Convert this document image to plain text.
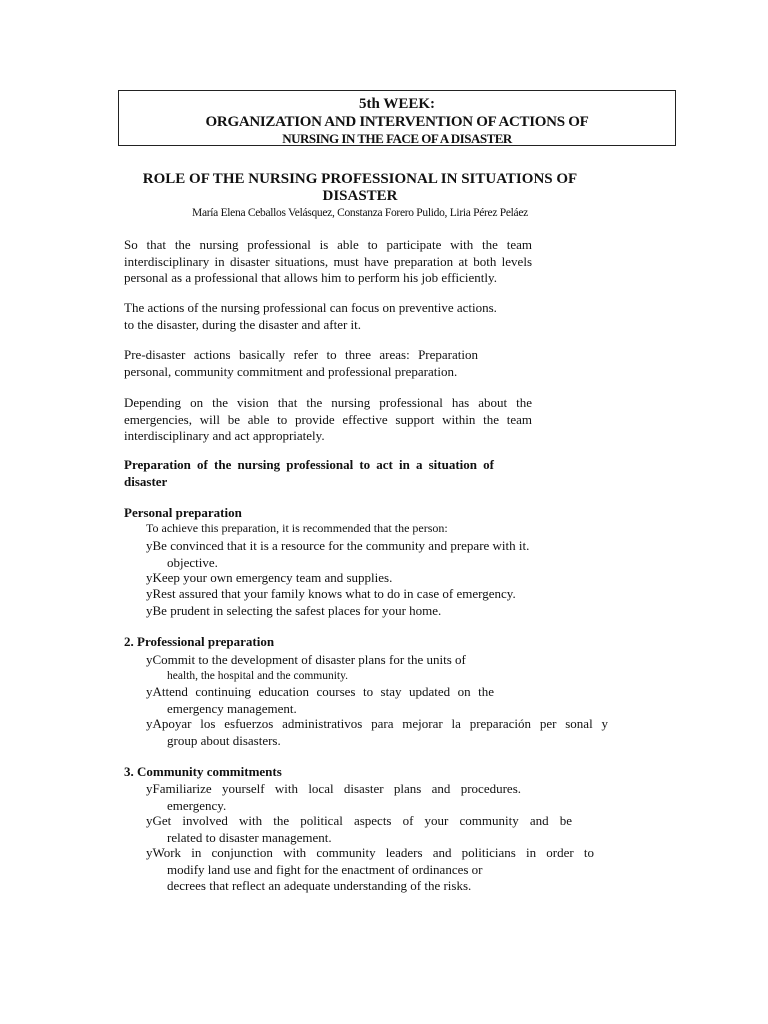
5th WEEK:
ORGANIZATION AND INTERVENTION OF ACTIONS OF
NURSING IN THE FACE OF A DISASTER
ROLE OF THE NURSING PROFESSIONAL IN SITUATIONS OF
DISASTER
María Elena Ceballos Velásquez, Constanza Forero Pulido, Liria Pérez Peláez
So that the nursing professional is able to participate with the team
interdisciplinary in disaster situations, must have preparation at both levels
personal as a professional that allows him to perform his job efficiently.
The actions of the nursing professional can focus on preventive actions.
to the disaster, during the disaster and after it.
Pre-disaster actions basically refer to three areas: Preparation
personal, community commitment and professional preparation.
Depending on the vision that the nursing professional has about the
emergencies, will be able to provide effective support within the team
interdisciplinary and act appropriately.
Preparation of the nursing professional to act in a situation of
disaster
Personal preparation
To achieve this preparation, it is recommended that the person:
yBe convinced that it is a resource for the community and prepare with it.
objective.
yKeep your own emergency team and supplies.
yRest assured that your family knows what to do in case of emergency.
yBe prudent in selecting the safest places for your home.
2. Professional preparation
yCommit to the development of disaster plans for the units of
health, the hospital and the community.
yAttend continuing education courses to stay updated on the
emergency management.
yApoyar los esfuerzos administrativos para mejorar la preparación per sonal y
group about disasters.
3. Community commitments
yFamiliarize yourself with local disaster plans and procedures.
emergency.
yGet involved with the political aspects of your community and be
related to disaster management.
yWork in conjunction with community leaders and politicians in order to
modify land use and fight for the enactment of ordinances or
decrees that reflect an adequate understanding of the risks.
